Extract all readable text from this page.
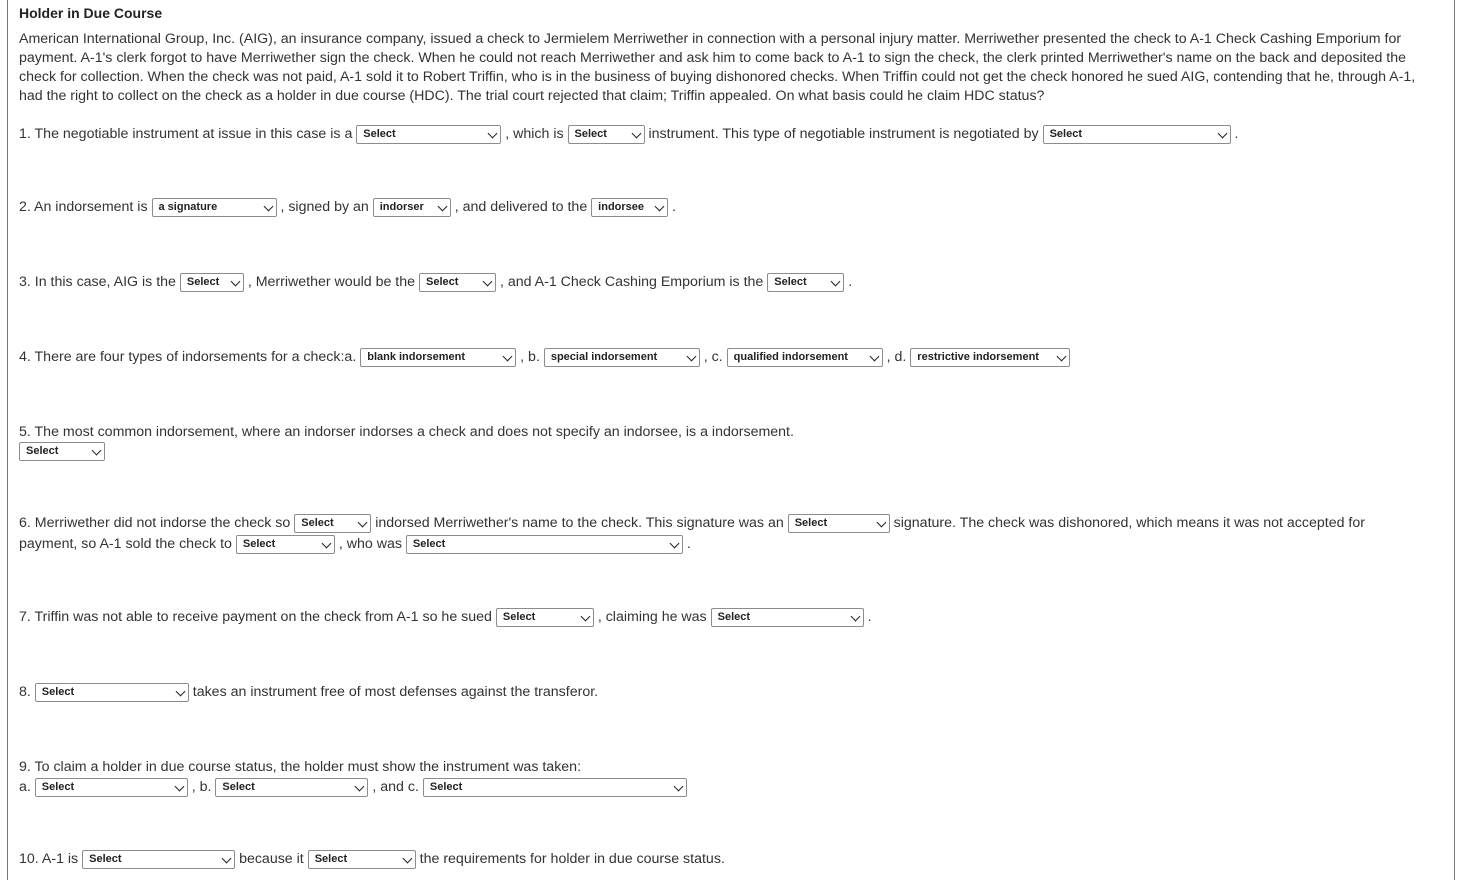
Holder in Due Course
American International Group, Inc. (AIG), an insurance company, issued a check to Jermielem Merriwether in connection with a personal injury matter. Merriwether presented the check to A-1 Check Cashing Emporium for payment. A-1's clerk forgot to have Merriwether sign the check. When he could not reach Merriwether and ask him to come back to A-1 to sign the check, the clerk printed Merriwether's name on the back and deposited the check for collection. When the check was not paid, A-1 sold it to Robert Triffin, who is in the business of buying dishonored checks. When Triffin could not get the check honored he sued AIG, contending that he, through A-1, had the right to collect on the check as a holder in due course (HDC). The trial court rejected that claim; Triffin appealed. On what basis could he claim HDC status?
1. The negotiable instrument at issue in this case is a Select	, which is Select	instrument. This type of negotiable instrument is negotiated by Select	.
2. An indorsement is a signature	, signed by an indorser , and delivered to the indorsee .
3. In this case, AIG is the Select , Merriwether would be the Select	, and A-1 Check Cashing Emporium is the Select	.
4. There are four types of indorsements for a check:a. blank indorsement	, b. special indorsement	, c. qualified indorsement	, d. restrictive indorsement
5. The most common indorsement, where an indorser indorses a check and does not specify an indorsee, is a indorsement.
Select
6. Merriwether did not indorse the check so Select	indorsed Merriwether's name to the check. This signature was an Select	signature. The check was dishonored, which means it was not accepted for
payment, so A-1 sold the check to Select	, who was Select	.
7. Triffin was not able to receive payment on the check from A-1 so he sued Select	, claiming he was Select	.
8. Select	takes an instrument free of most defenses against the transferor.
9. To claim a holder in due course status, the holder must show the instrument was taken:
a. Select	, b. Select	, and c. Select
10. A-1 is Select	because it Select	the requirements for holder in due course status.
